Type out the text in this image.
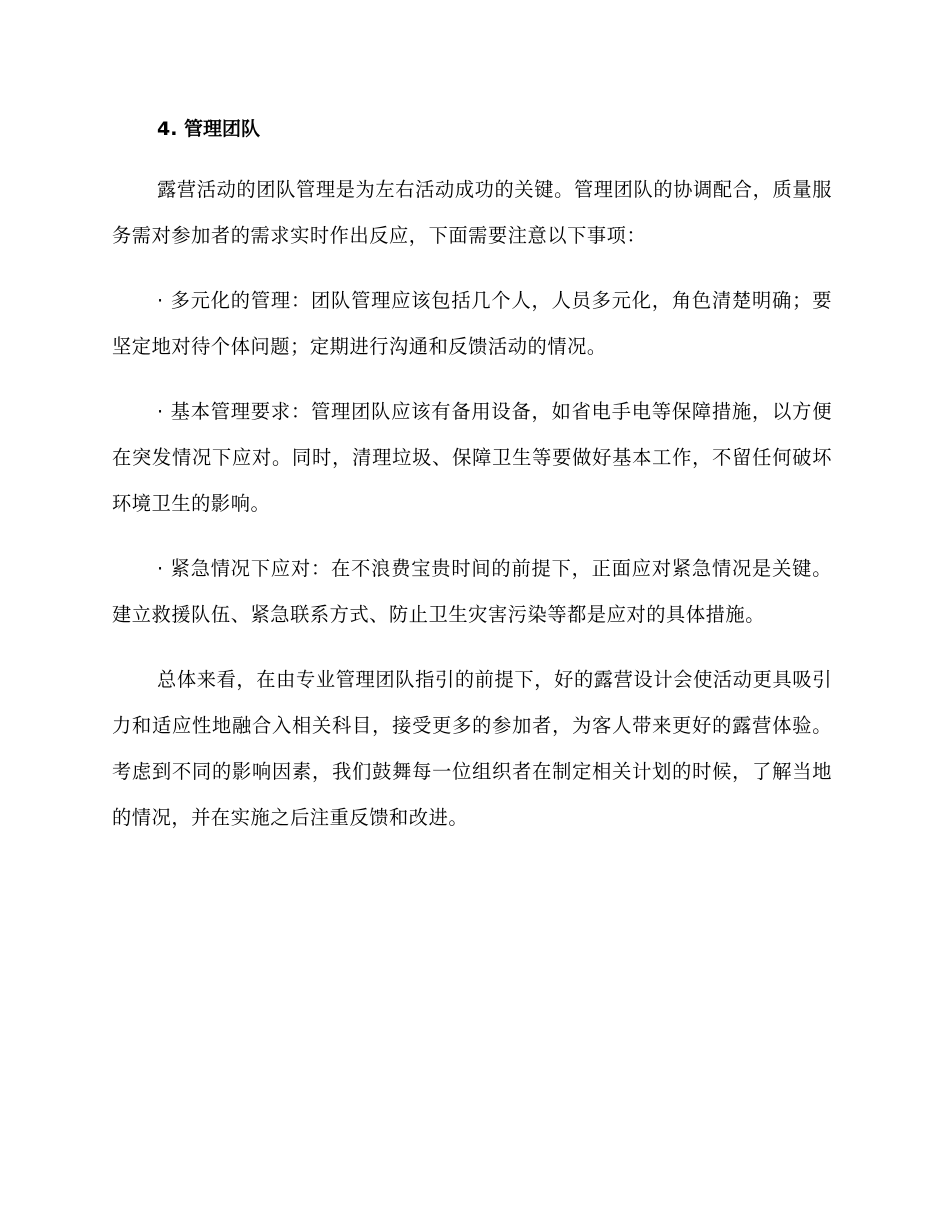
4. 管理团队

露营活动的团队管理是为左右活动成功的关键。管理团队的协调配合，质量服务需对参加者的需求实时作出反应，下面需要注意以下事项：

· 多元化的管理：团队管理应该包括几个人，人员多元化，角色清楚明确；要坚定地对待个体问题；定期进行沟通和反馈活动的情况。

· 基本管理要求：管理团队应该有备用设备，如省电手电等保障措施，以方便在突发情况下应对。同时，清理垃圾、保障卫生等要做好基本工作，不留任何破坏环境卫生的影响。

· 紧急情况下应对：在不浪费宝贵时间的前提下，正面应对紧急情况是关键。建立救援队伍、紧急联系方式、防止卫生灾害污染等都是应对的具体措施。

总体来看，在由专业管理团队指引的前提下，好的露营设计会使活动更具吸引力和适应性地融合入相关科目，接受更多的参加者，为客人带来更好的露营体验。考虑到不同的影响因素，我们鼓舞每一位组织者在制定相关计划的时候，了解当地的情况，并在实施之后注重反馈和改进。
